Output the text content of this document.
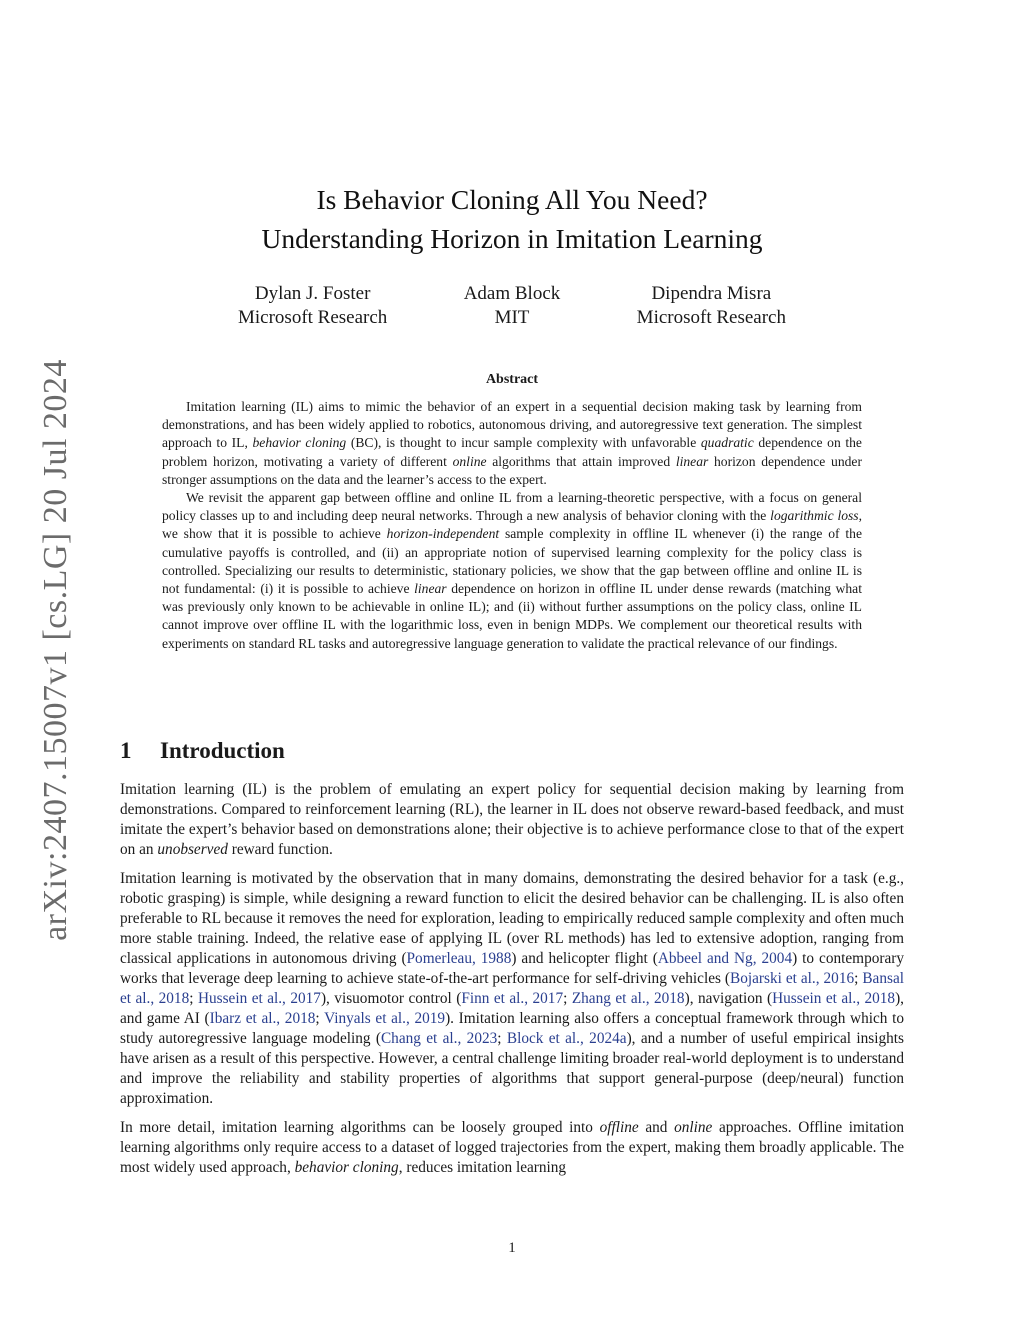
arXiv:2407.15007v1 [cs.LG] 20 Jul 2024
Is Behavior Cloning All You Need?
Understanding Horizon in Imitation Learning
Dylan J. Foster
Microsoft Research
Adam Block
MIT
Dipendra Misra
Microsoft Research
Abstract

Imitation learning (IL) aims to mimic the behavior of an expert in a sequential decision making task by learning from demonstrations, and has been widely applied to robotics, autonomous driving, and autoregressive text generation. The simplest approach to IL, behavior cloning (BC), is thought to incur sample complexity with unfavorable quadratic dependence on the problem horizon, motivating a variety of different online algorithms that attain improved linear horizon dependence under stronger assumptions on the data and the learner’s access to the expert.

We revisit the apparent gap between offline and online IL from a learning-theoretic perspective, with a focus on general policy classes up to and including deep neural networks. Through a new analysis of behavior cloning with the logarithmic loss, we show that it is possible to achieve horizon-independent sample complexity in offline IL whenever (i) the range of the cumulative payoffs is controlled, and (ii) an appropriate notion of supervised learning complexity for the policy class is controlled. Specializing our results to deterministic, stationary policies, we show that the gap between offline and online IL is not fundamental: (i) it is possible to achieve linear dependence on horizon in offline IL under dense rewards (matching what was previously only known to be achievable in online IL); and (ii) without further assumptions on the policy class, online IL cannot improve over offline IL with the logarithmic loss, even in benign MDPs. We complement our theoretical results with experiments on standard RL tasks and autoregressive language generation to validate the practical relevance of our findings.

1 Introduction

Imitation learning (IL) is the problem of emulating an expert policy for sequential decision making by learning from demonstrations. Compared to reinforcement learning (RL), the learner in IL does not observe reward-based feedback, and must imitate the expert’s behavior based on demonstrations alone; their objective is to achieve performance close to that of the expert on an unobserved reward function.

Imitation learning is motivated by the observation that in many domains, demonstrating the desired behavior for a task (e.g., robotic grasping) is simple, while designing a reward function to elicit the desired behavior can be challenging. IL is also often preferable to RL because it removes the need for exploration, leading to empirically reduced sample complexity and often much more stable training. Indeed, the relative ease of applying IL (over RL methods) has led to extensive adoption, ranging from classical applications in autonomous driving (Pomerleau, 1988) and helicopter flight (Abbeel and Ng, 2004) to contemporary works that leverage deep learning to achieve state-of-the-art performance for self-driving vehicles (Bojarski et al., 2016; Bansal et al., 2018; Hussein et al., 2017), visuomotor control (Finn et al., 2017; Zhang et al., 2018), navigation (Hussein et al., 2018), and game AI (Ibarz et al., 2018; Vinyals et al., 2019). Imitation learning also offers a conceptual framework through which to study autoregressive language modeling (Chang et al., 2023; Block et al., 2024a), and a number of useful empirical insights have arisen as a result of this perspective. However, a central challenge limiting broader real-world deployment is to understand and improve the reliability and stability properties of algorithms that support general-purpose (deep/neural) function approximation.

In more detail, imitation learning algorithms can be loosely grouped into offline and online approaches. Offline imitation learning algorithms only require access to a dataset of logged trajectories from the expert, making them broadly applicable. The most widely used approach, behavior cloning, reduces imitation learning

1
